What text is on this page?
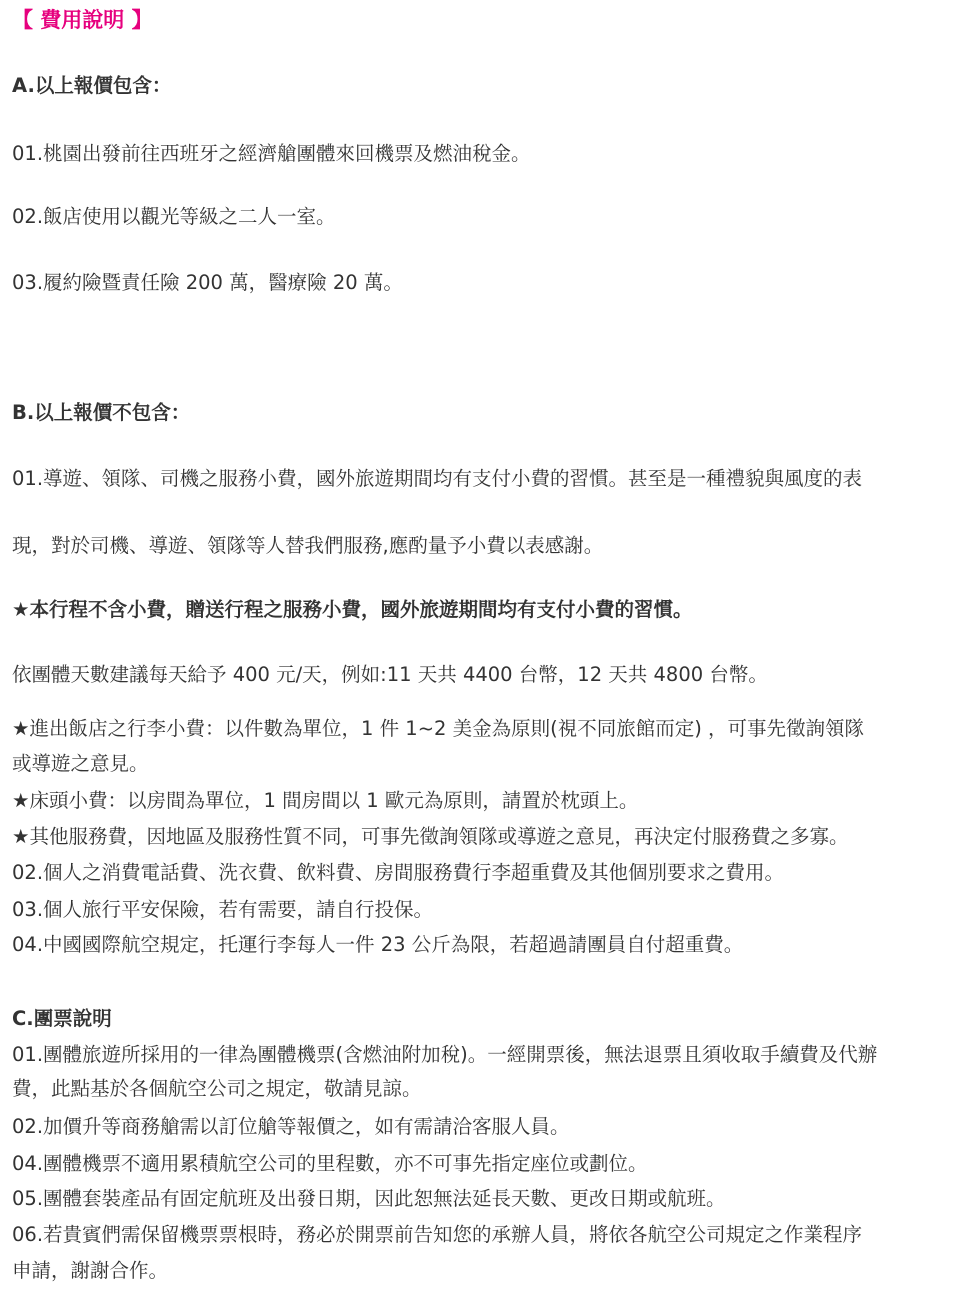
【 費用說明 】
A.以上報價包含：
01.桃園出發前往西班牙之經濟艙團體來回機票及燃油稅金。
02.飯店使用以觀光等級之二人一室。
03.履約險暨責任險 200 萬，醫療險 20 萬。
B.以上報價不包含：
01.導遊、領隊、司機之服務小費，國外旅遊期間均有支付小費的習慣。甚至是一種禮貌與風度的表
現，對於司機、導遊、領隊等人替我們服務,應酌量予小費以表感謝。
★本行程不含小費，贈送行程之服務小費，國外旅遊期間均有支付小費的習慣。
依團體天數建議每天給予 400 元/天，例如:11 天共 4400 台幣，12 天共 4800 台幣。
★進出飯店之行李小費：以件數為單位，1 件 1~2 美金為原則(視不同旅館而定) ，可事先徵詢領隊
或導遊之意見。
★床頭小費：以房間為單位，1 間房間以 1 歐元為原則，請置於枕頭上。
★其他服務費，因地區及服務性質不同，可事先徵詢領隊或導遊之意見，再決定付服務費之多寡。
02.個人之消費電話費、洗衣費、飲料費、房間服務費行李超重費及其他個別要求之費用。
03.個人旅行平安保險，若有需要，請自行投保。
04.中國國際航空規定，托運行李每人一件 23 公斤為限，若超過請團員自付超重費。
C.團票說明
01.團體旅遊所採用的一律為團體機票(含燃油附加稅)。一經開票後，無法退票且須收取手續費及代辦
費，此點基於各個航空公司之規定，敬請見諒。
02.加價升等商務艙需以訂位艙等報價之，如有需請洽客服人員。
04.團體機票不適用累積航空公司的里程數，亦不可事先指定座位或劃位。
05.團體套裝產品有固定航班及出發日期，因此恕無法延長天數、更改日期或航班。
06.若貴賓們需保留機票票根時，務必於開票前告知您的承辦人員，將依各航空公司規定之作業程序
申請，謝謝合作。
